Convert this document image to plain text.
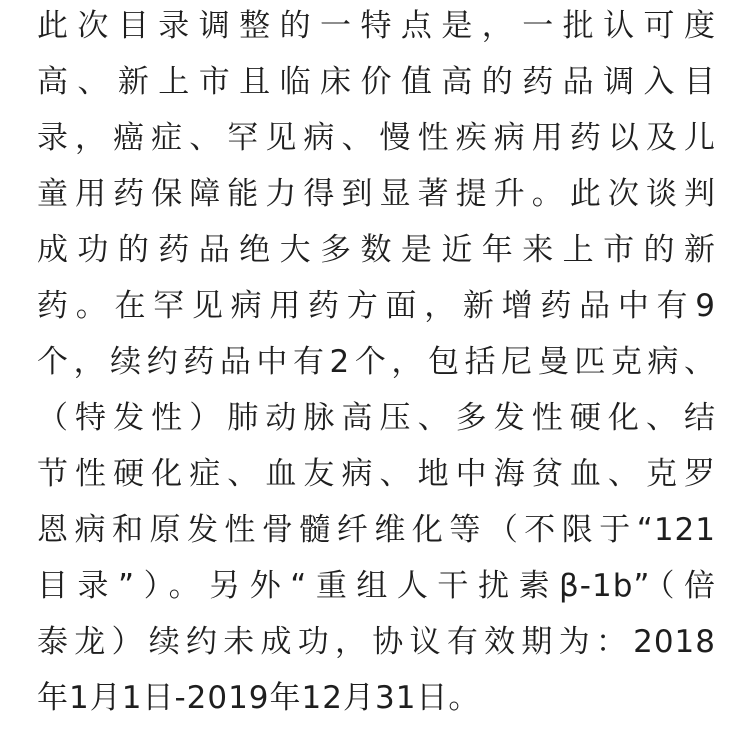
此次目录调整的一特点是，一批认可度
高、新上市且临床价值高的药品调入目
录，癌症、罕见病、慢性疾病用药以及儿
童用药保障能力得到显著提升。此次谈判
成功的药品绝大多数是近年来上市的新
药。在罕见病用药方面，新增药品中有9
个，续约药品中有2个，包括尼曼匹克病、
（特发性）肺动脉高压、多发性硬化、结
节性硬化症、血友病、地中海贫血、克罗
恩病和原发性骨髓纤维化等（不限于“121
目录”）。另外“重组人干扰素β-1b”（倍
泰龙）续约未成功，协议有效期为：2018
年1月1日-2019年12月31日。
